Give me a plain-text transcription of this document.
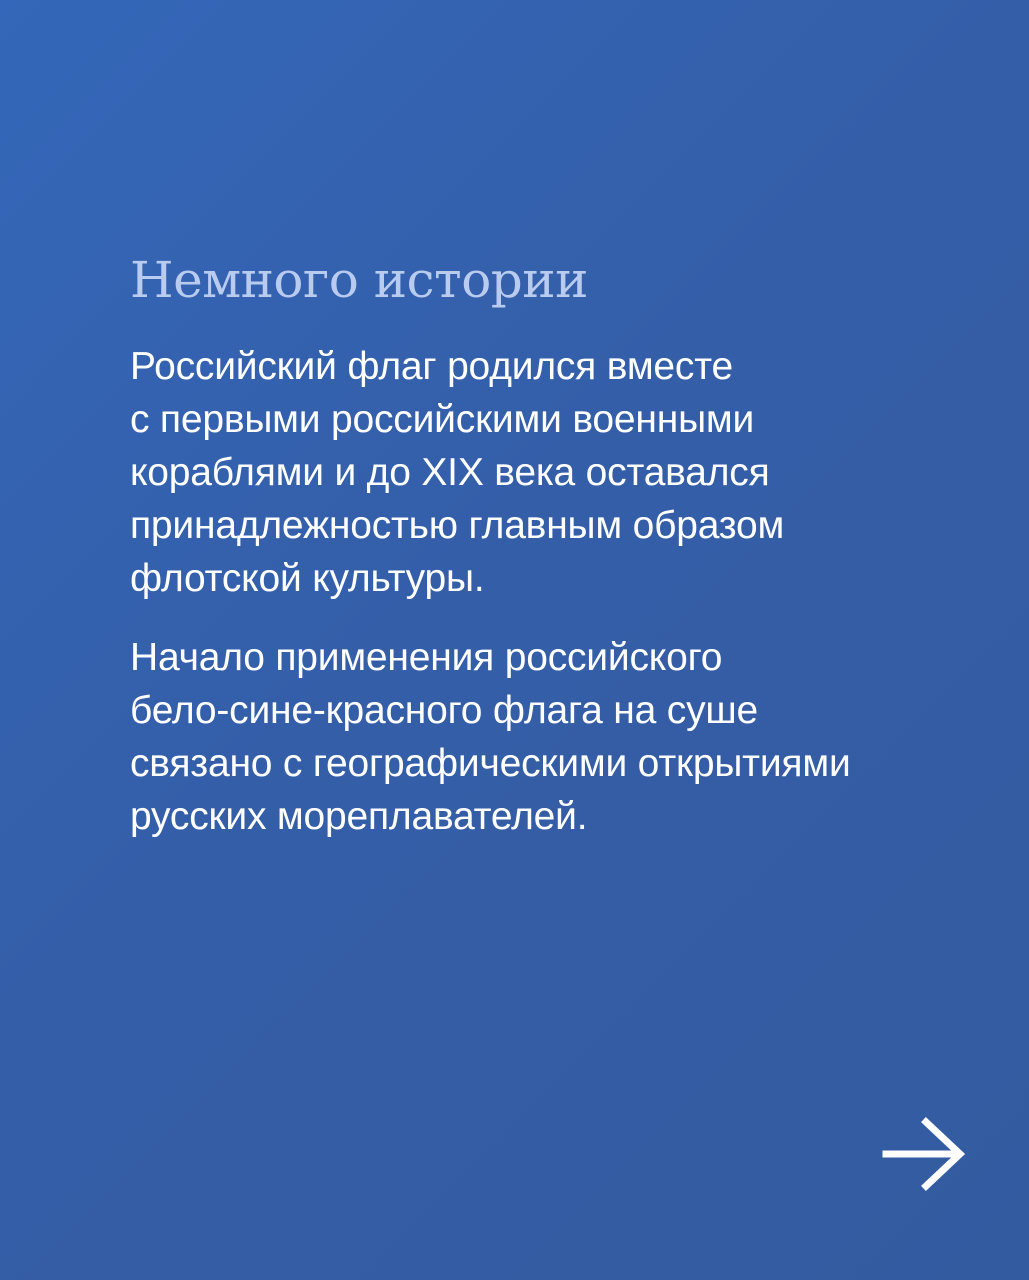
Немного истории

Российский флаг родился вместе
с первыми российскими военными
кораблями и до XIX века оставался
принадлежностью главным образом
флотской культуры.

Начало применения российского
бело-сине-красного флага на суше
связано с географическими открытиями
русских мореплавателей.
